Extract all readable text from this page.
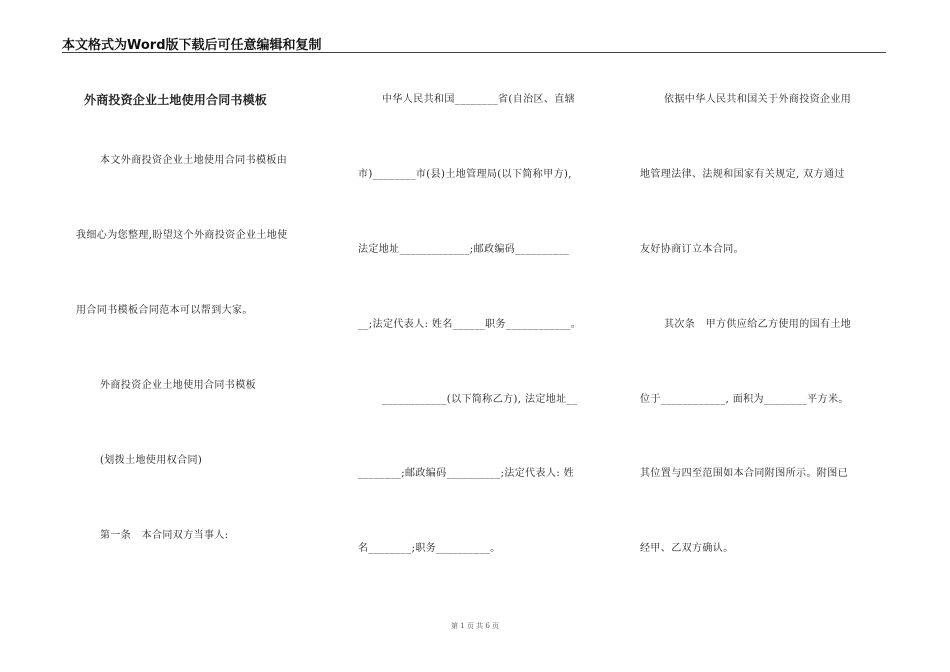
本文格式为Word版下载后可任意编辑和复制
外商投资企业土地使用合同书模板
本文外商投资企业土地使用合同书模板由
我细心为您整理,盼望这个外商投资企业土地使
用合同书模板合同范本可以帮到大家。
外商投资企业土地使用合同书模板
(划拨土地使用权合同)
第一条　本合同双方当事人:
中华人民共和国________省(自治区、直辖
市)________市(县)土地管理局(以下简称甲方),
法定地址_____________;邮政编码__________
__;法定代表人: 姓名______职务____________。
____________(以下简称乙方), 法定地址__
________;邮政编码__________;法定代表人: 姓
名________;职务__________。
依据中华人民共和国关于外商投资企业用
地管理法律、法规和国家有关规定, 双方通过
友好协商订立本合同。
其次条　甲方供应给乙方使用的国有土地
位于____________, 面积为________平方米。
其位置与四至范围如本合同附图所示。附图已
经甲、乙双方确认。
第 1 页 共 6 页
